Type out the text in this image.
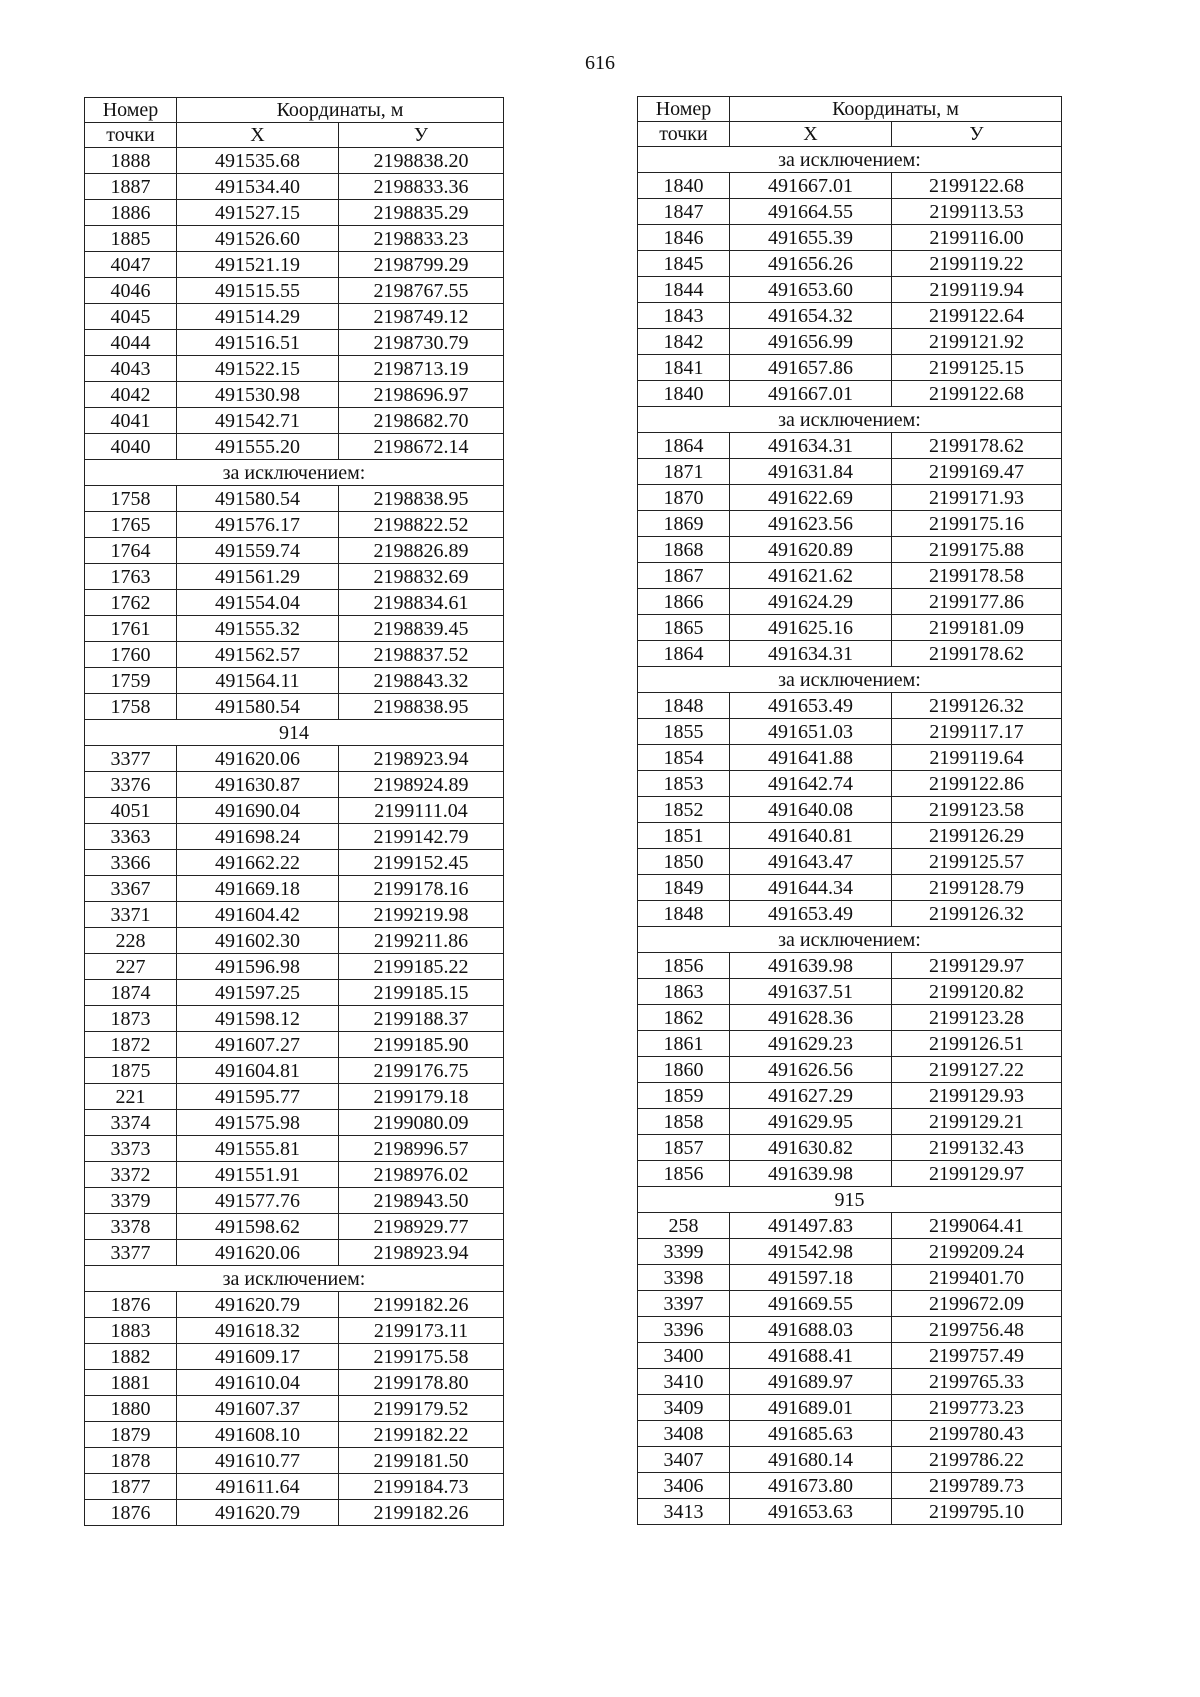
616
Номер	Координаты, м	
точки	Х	У
1888	491535.68	2198838.20
1887	491534.40	2198833.36
1886	491527.15	2198835.29
1885	491526.60	2198833.23
4047	491521.19	2198799.29
4046	491515.55	2198767.55
4045	491514.29	2198749.12
4044	491516.51	2198730.79
4043	491522.15	2198713.19
4042	491530.98	2198696.97
4041	491542.71	2198682.70
4040	491555.20	2198672.14
за исключением:		
1758	491580.54	2198838.95
1765	491576.17	2198822.52
1764	491559.74	2198826.89
1763	491561.29	2198832.69
1762	491554.04	2198834.61
1761	491555.32	2198839.45
1760	491562.57	2198837.52
1759	491564.11	2198843.32
1758	491580.54	2198838.95
914		
3377	491620.06	2198923.94
3376	491630.87	2198924.89
4051	491690.04	2199111.04
3363	491698.24	2199142.79
3366	491662.22	2199152.45
3367	491669.18	2199178.16
3371	491604.42	2199219.98
228	491602.30	2199211.86
227	491596.98	2199185.22
1874	491597.25	2199185.15
1873	491598.12	2199188.37
1872	491607.27	2199185.90
1875	491604.81	2199176.75
221	491595.77	2199179.18
3374	491575.98	2199080.09
3373	491555.81	2198996.57
3372	491551.91	2198976.02
3379	491577.76	2198943.50
3378	491598.62	2198929.77
3377	491620.06	2198923.94
за исключением:		
1876	491620.79	2199182.26
1883	491618.32	2199173.11
1882	491609.17	2199175.58
1881	491610.04	2199178.80
1880	491607.37	2199179.52
1879	491608.10	2199182.22
1878	491610.77	2199181.50
1877	491611.64	2199184.73
1876	491620.79	2199182.26
Номер	Координаты, м	
точки	Х	У
за исключением:		
1840	491667.01	2199122.68
1847	491664.55	2199113.53
1846	491655.39	2199116.00
1845	491656.26	2199119.22
1844	491653.60	2199119.94
1843	491654.32	2199122.64
1842	491656.99	2199121.92
1841	491657.86	2199125.15
1840	491667.01	2199122.68
за исключением:		
1864	491634.31	2199178.62
1871	491631.84	2199169.47
1870	491622.69	2199171.93
1869	491623.56	2199175.16
1868	491620.89	2199175.88
1867	491621.62	2199178.58
1866	491624.29	2199177.86
1865	491625.16	2199181.09
1864	491634.31	2199178.62
за исключением:		
1848	491653.49	2199126.32
1855	491651.03	2199117.17
1854	491641.88	2199119.64
1853	491642.74	2199122.86
1852	491640.08	2199123.58
1851	491640.81	2199126.29
1850	491643.47	2199125.57
1849	491644.34	2199128.79
1848	491653.49	2199126.32
за исключением:		
1856	491639.98	2199129.97
1863	491637.51	2199120.82
1862	491628.36	2199123.28
1861	491629.23	2199126.51
1860	491626.56	2199127.22
1859	491627.29	2199129.93
1858	491629.95	2199129.21
1857	491630.82	2199132.43
1856	491639.98	2199129.97
915		
258	491497.83	2199064.41
3399	491542.98	2199209.24
3398	491597.18	2199401.70
3397	491669.55	2199672.09
3396	491688.03	2199756.48
3400	491688.41	2199757.49
3410	491689.97	2199765.33
3409	491689.01	2199773.23
3408	491685.63	2199780.43
3407	491680.14	2199786.22
3406	491673.80	2199789.73
3413	491653.63	2199795.10
